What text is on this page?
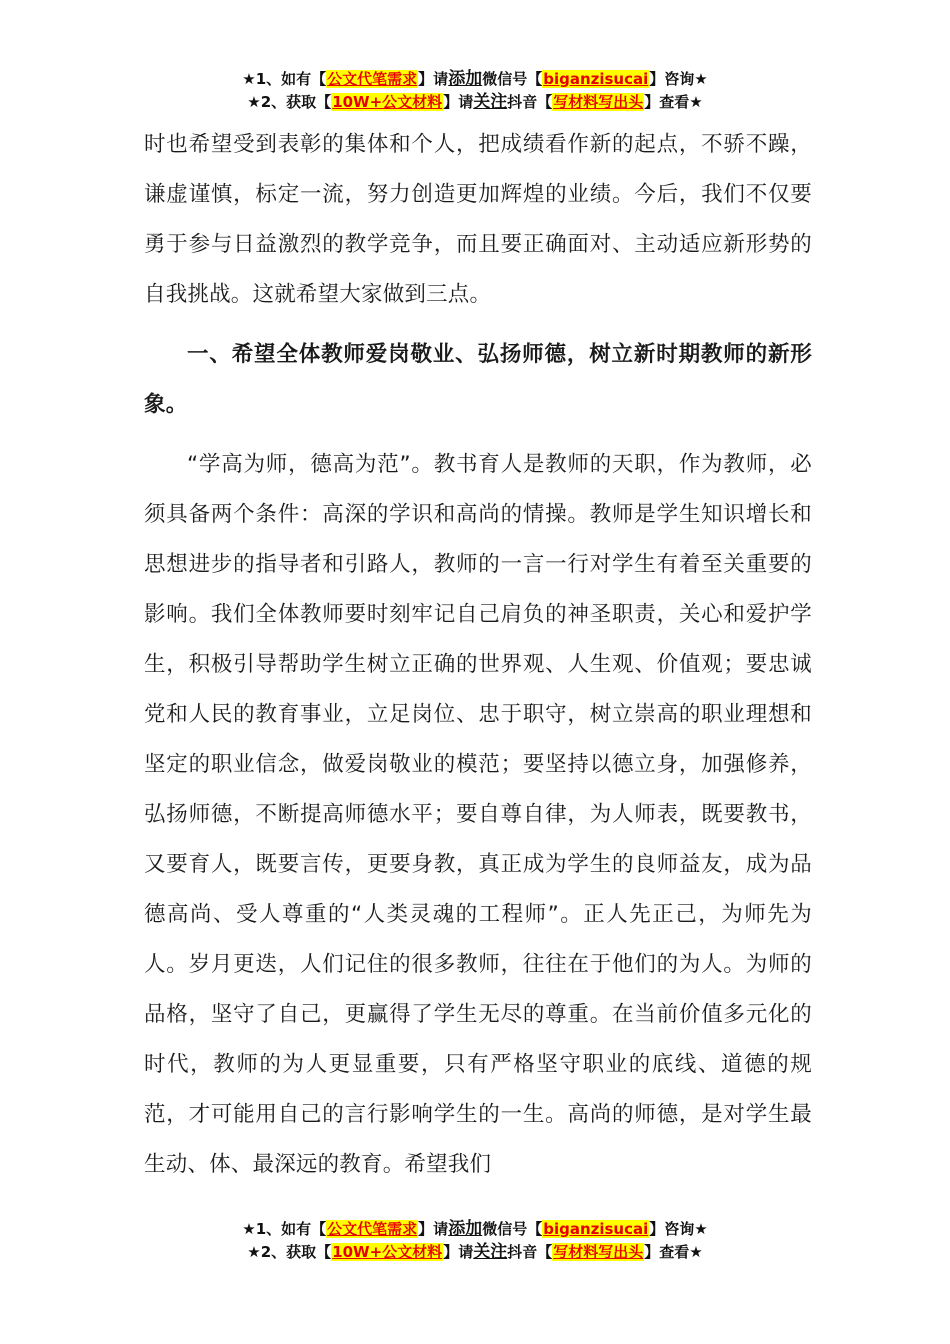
★1、如有【公文代笔需求】请添加微信号【biganzisucai】咨询★
★2、获取【10W+公文材料】请关注抖音【写材料写出头】查看★

时也希望受到表彰的集体和个人，把成绩看作新的起点，不骄不躁，谦虚谨慎，标定一流，努力创造更加辉煌的业绩。今后，我们不仅要勇于参与日益激烈的教学竞争，而且要正确面对、主动适应新形势的自我挑战。这就希望大家做到三点。

一、希望全体教师爱岗敬业、弘扬师德，树立新时期教师的新形象。

“学高为师，德高为范”。教书育人是教师的天职，作为教师，必须具备两个条件：高深的学识和高尚的情操。教师是学生知识增长和思想进步的指导者和引路人，教师的一言一行对学生有着至关重要的影响。我们全体教师要时刻牢记自己肩负的神圣职责，关心和爱护学生，积极引导帮助学生树立正确的世界观、人生观、价值观；要忠诚党和人民的教育事业，立足岗位、忠于职守，树立崇高的职业理想和坚定的职业信念，做爱岗敬业的模范；要坚持以德立身，加强修养，弘扬师德，不断提高师德水平；要自尊自律，为人师表，既要教书，又要育人，既要言传，更要身教，真正成为学生的良师益友，成为品德高尚、受人尊重的“人类灵魂的工程师”。正人先正己，为师先为人。岁月更迭，人们记住的很多教师，往往在于他们的为人。为师的品格，坚守了自己，更赢得了学生无尽的尊重。在当前价值多元化的时代，教师的为人更显重要，只有严格坚守职业的底线、道德的规范，才可能用自己的言行影响学生的一生。高尚的师德，是对学生最生动、体、最深远的教育。希望我们

★1、如有【公文代笔需求】请添加微信号【biganzisucai】咨询★
★2、获取【10W+公文材料】请关注抖音【写材料写出头】查看★
